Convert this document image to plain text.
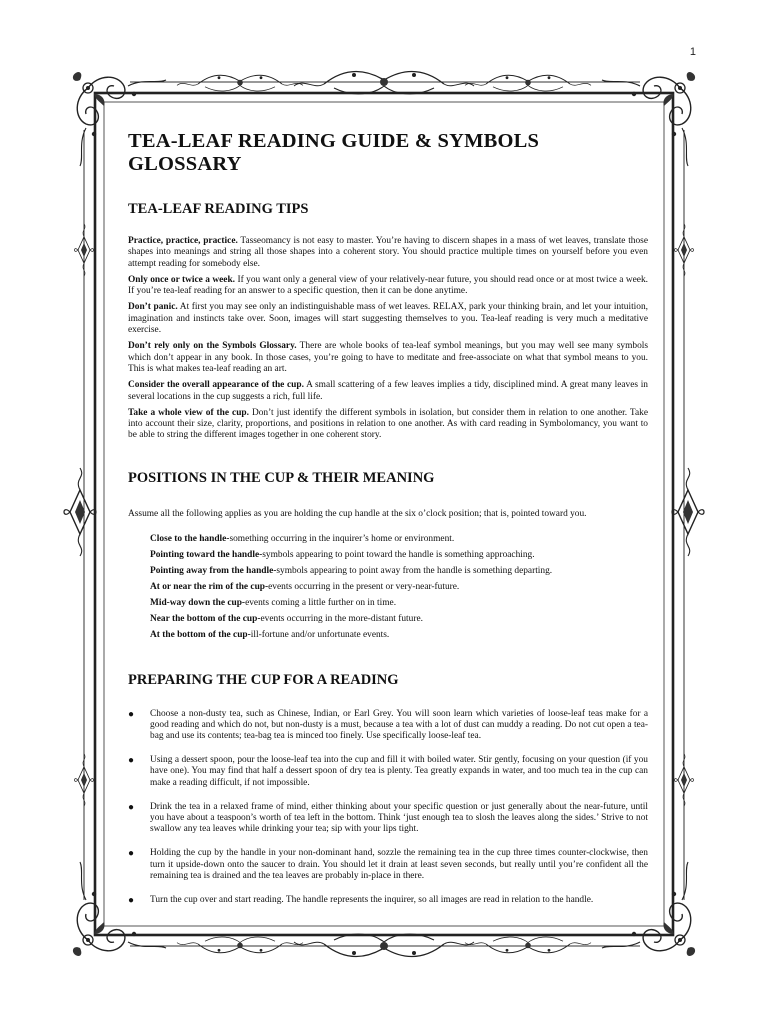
1
TEA-LEAF READING GUIDE & SYMBOLS GLOSSARY
TEA-LEAF READING TIPS

Practice, practice, practice. Tasseomancy is not easy to master. You’re having to discern shapes in a mass of wet leaves, translate those shapes into meanings and string all those shapes into a coherent story. You should practice multiple times on yourself before you even attempt reading for somebody else.

Only once or twice a week. If you want only a general view of your relatively-near future, you should read once or at most twice a week. If you’re tea-leaf reading for an answer to a specific question, then it can be done anytime.

Don’t panic. At first you may see only an indistinguishable mass of wet leaves. RELAX, park your thinking brain, and let your intuition, imagination and instincts take over. Soon, images will start suggesting themselves to you. Tea-leaf reading is very much a meditative exercise.

Don’t rely only on the Symbols Glossary. There are whole books of tea-leaf symbol meanings, but you may well see many symbols which don’t appear in any book. In those cases, you’re going to have to meditate and free-associate on what that symbol means to you. This is what makes tea-leaf reading an art.

Consider the overall appearance of the cup. A small scattering of a few leaves implies a tidy, disciplined mind. A great many leaves in several locations in the cup suggests a rich, full life.

Take a whole view of the cup. Don’t just identify the different symbols in isolation, but consider them in relation to one another. Take into account their size, clarity, proportions, and positions in relation to one another. As with card reading in Symbolomancy, you want to be able to string the different images together in one coherent story.

POSITIONS IN THE CUP & THEIR MEANING
Assume all the following applies as you are holding the cup handle at the six o’clock position; that is, pointed toward you.
Close to the handle-something occurring in the inquirer’s home or environment.
Pointing toward the handle-symbols appearing to point toward the handle is something approaching.
Pointing away from the handle-symbols appearing to point away from the handle is something departing.
At or near the rim of the cup-events occurring in the present or very-near-future.
Mid-way down the cup-events coming a little further on in time.
Near the bottom of the cup-events occurring in the more-distant future.
At the bottom of the cup-ill-fortune and/or unfortunate events.
PREPARING THE CUP FOR A READING
● Choose a non-dusty tea, such as Chinese, Indian, or Earl Grey. You will soon learn which varieties of loose-leaf teas make for a good reading and which do not, but non-dusty is a must, because a tea with a lot of dust can muddy a reading. Do not cut open a tea-bag and use its contents; tea-bag tea is minced too finely. Use specifically loose-leaf tea.
● Using a dessert spoon, pour the loose-leaf tea into the cup and fill it with boiled water. Stir gently, focusing on your question (if you have one). You may find that half a dessert spoon of dry tea is plenty. Tea greatly expands in water, and too much tea in the cup can make a reading difficult, if not impossible.
● Drink the tea in a relaxed frame of mind, either thinking about your specific question or just generally about the near-future, until you have about a teaspoon’s worth of tea left in the bottom. Think ‘just enough tea to slosh the leaves along the sides.’ Strive to not swallow any tea leaves while drinking your tea; sip with your lips tight.
● Holding the cup by the handle in your non-dominant hand, sozzle the remaining tea in the cup three times counter-clockwise, then turn it upside-down onto the saucer to drain. You should let it drain at least seven seconds, but really until you’re confident all the remaining tea is drained and the tea leaves are probably in-place in there.
● Turn the cup over and start reading. The handle represents the inquirer, so all images are read in relation to the handle.
